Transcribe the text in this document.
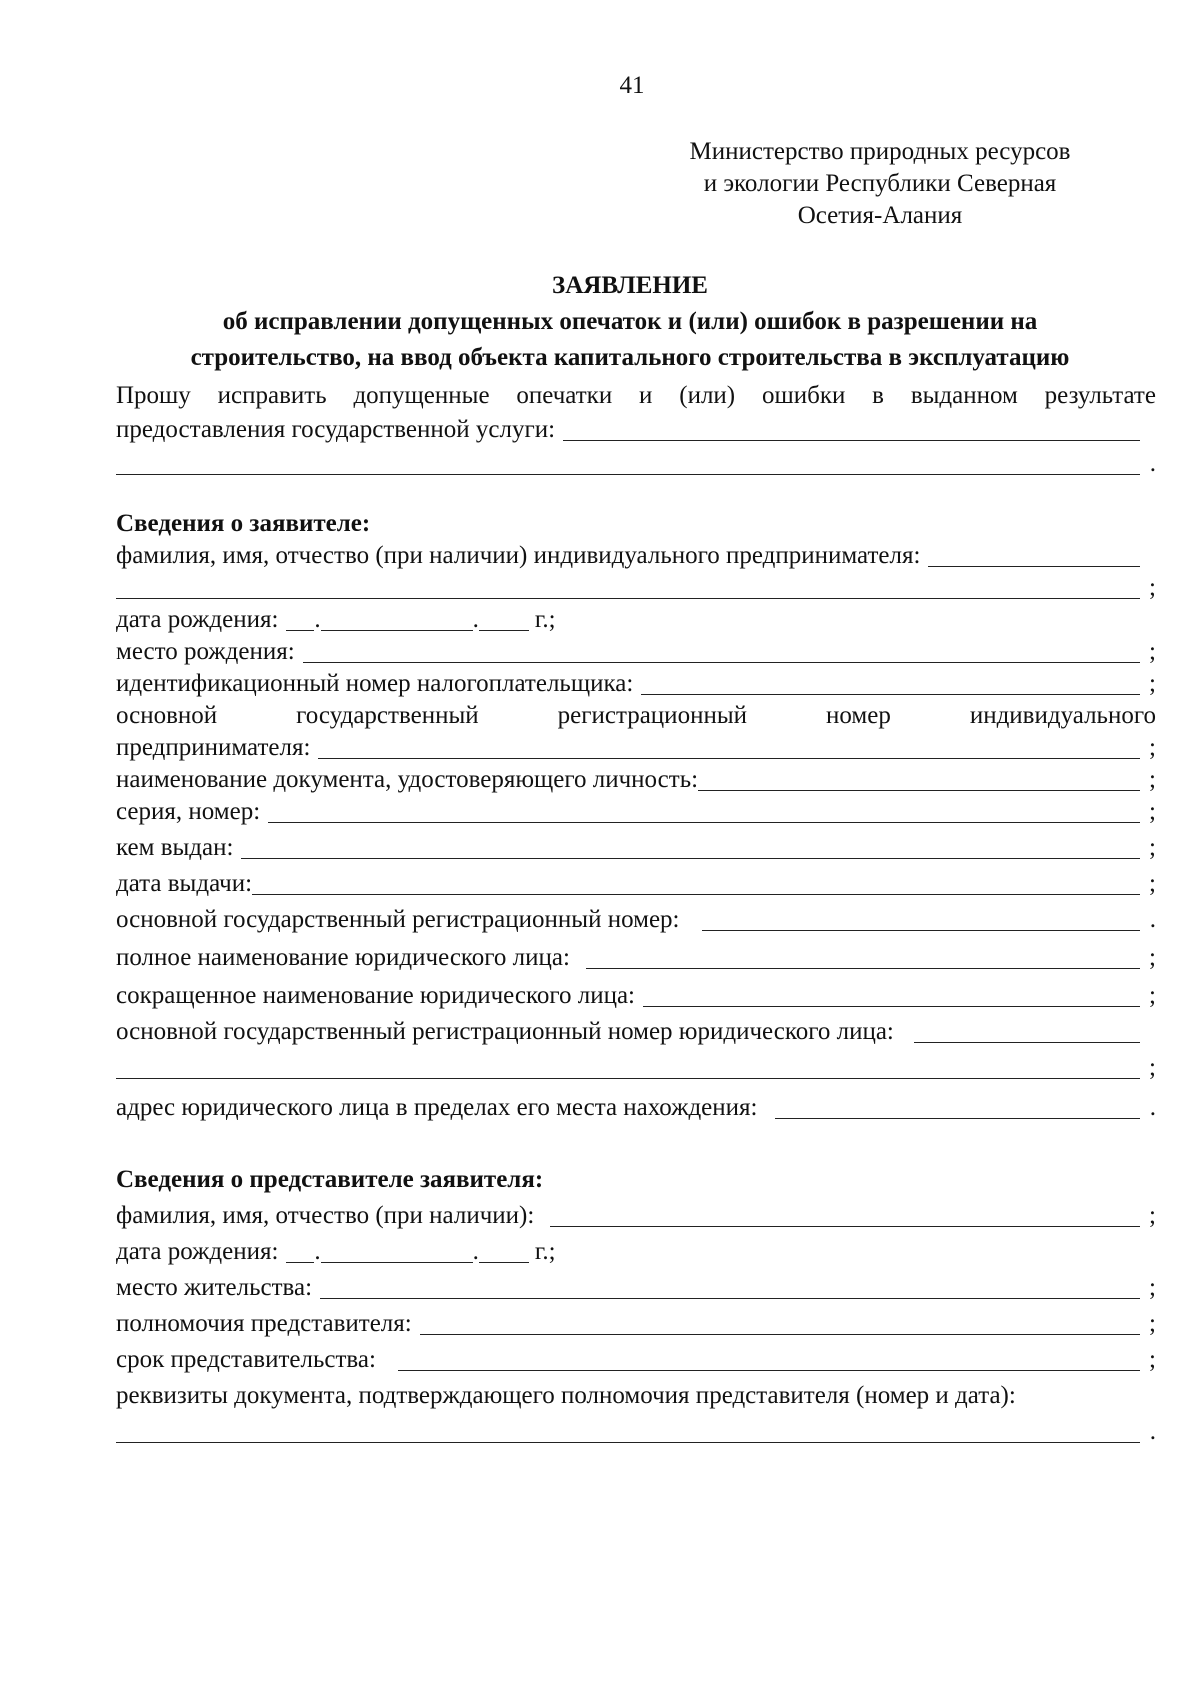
41
Министерство природных ресурсов
и экологии Республики Северная
Осетия-Алания
ЗАЯВЛЕНИЕ
об исправлении допущенных опечаток и (или) ошибок в разрешении на
строительство, на ввод объекта капитального строительства в эксплуатацию
Прошу исправить допущенные опечатки и (или) ошибки в выданном результате
предоставления государственной услуги:
.
Сведения о заявителе:
фамилия, имя, отчество (при наличии) индивидуального предпринимателя:
;
дата рождения: .	. г.;
место рождения:	;
идентификационный номер налогоплательщика:	;
основной	государственный	регистрационный	номер	индивидуального
предпринимателя:	;
наименование документа, удостоверяющего личность:	;
серия, номер:	;
кем выдан:	;
дата выдачи:	;
основной государственный регистрационный номер:	.
полное наименование юридического лица:	;
сокращенное наименование юридического лица:	;
основной государственный регистрационный номер юридического лица:
;
адрес юридического лица в пределах его места нахождения:	.
Сведения о представителе заявителя:
фамилия, имя, отчество (при наличии):	;
дата рождения: .	. г.;
место жительства:	;
полномочия представителя:	;
срок представительства:	;
реквизиты документа, подтверждающего полномочия представителя (номер и дата):
.
